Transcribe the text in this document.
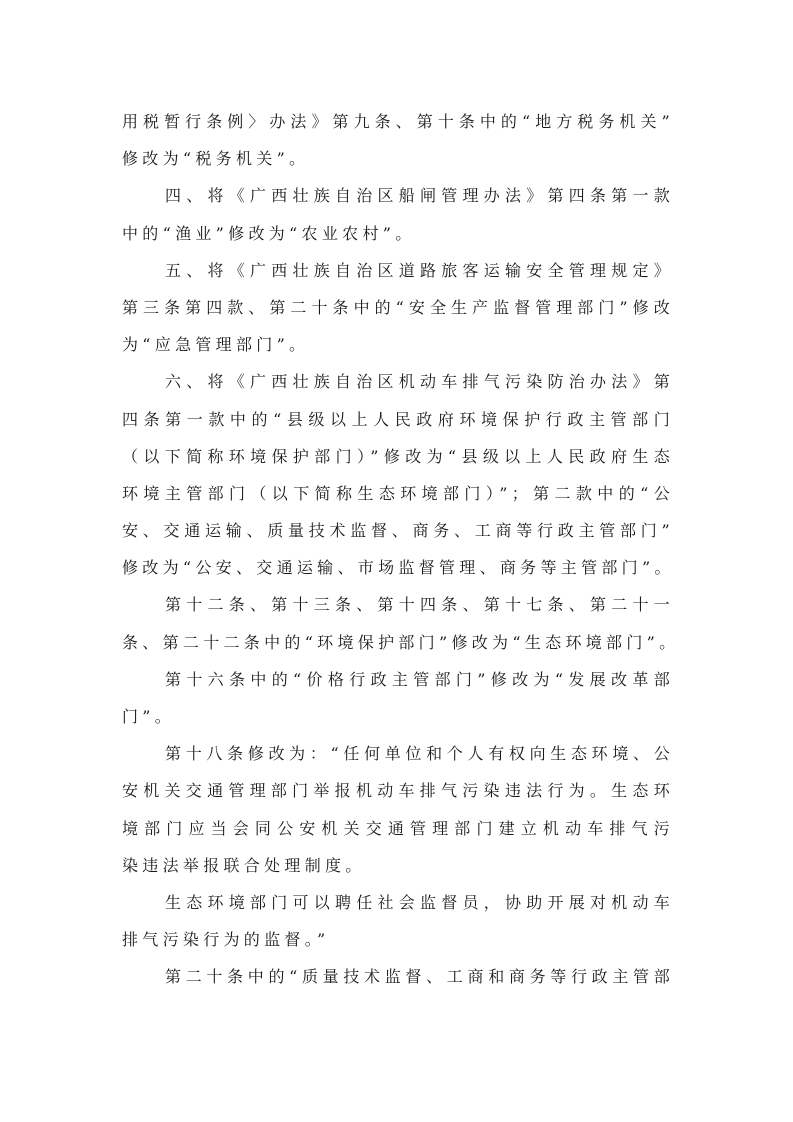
用税暂行条例〉办法》第九条、第十条中的“地方税务机关”
修改为“税务机关”。
四、将《广西壮族自治区船闸管理办法》第四条第一款
中的“渔业”修改为“农业农村”。
五、将《广西壮族自治区道路旅客运输安全管理规定》
第三条第四款、第二十条中的“安全生产监督管理部门”修改
为“应急管理部门”。
六、将《广西壮族自治区机动车排气污染防治办法》第
四条第一款中的“县级以上人民政府环境保护行政主管部门
（以下简称环境保护部门）”修改为“县级以上人民政府生态
环境主管部门（以下简称生态环境部门）”；第二款中的“公
安、交通运输、质量技术监督、商务、工商等行政主管部门”
修改为“公安、交通运输、市场监督管理、商务等主管部门”。
第十二条、第十三条、第十四条、第十七条、第二十一
条、第二十二条中的“环境保护部门”修改为“生态环境部门”。
第十六条中的“价格行政主管部门”修改为“发展改革部
门”。
第十八条修改为：“任何单位和个人有权向生态环境、公
安机关交通管理部门举报机动车排气污染违法行为。生态环
境部门应当会同公安机关交通管理部门建立机动车排气污
染违法举报联合处理制度。
生态环境部门可以聘任社会监督员，协助开展对机动车
排气污染行为的监督。”
第二十条中的“质量技术监督、工商和商务等行政主管部
